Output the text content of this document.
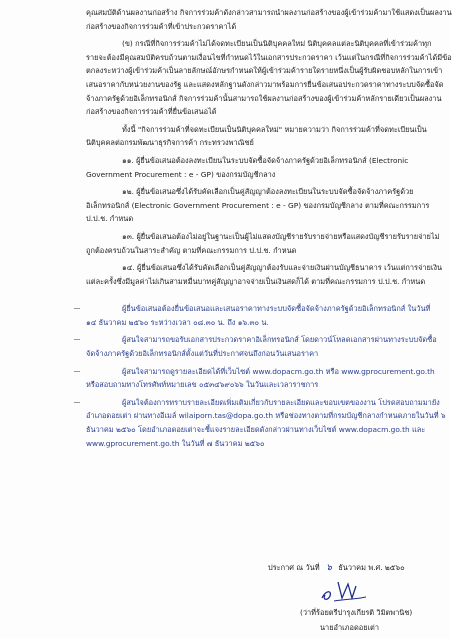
คุณสมบัติด้านผลงานก่อสร้าง กิจการร่วมค้าดังกล่าวสามารถนำผลงานก่อสร้างของผู้เข้าร่วมค้ามาใช้แสดงเป็นผลงาน
ก่อสร้างของกิจการร่วมค้าที่เข้าประกวดราคาได้

(ข) กรณีที่กิจการร่วมค้าไม่ได้จดทะเบียนเป็นนิติบุคคลใหม่ นิติบุคคลแต่ละนิติบุคคลที่เข้าร่วมค้าทุก
รายจะต้องมีคุณสมบัติครบถ้วนตามเงื่อนไขที่กำหนดไว้ในเอกสารประกวดราคา เว้นแต่ในกรณีที่กิจการร่วมค้าได้มีข้อ
ตกลงระหว่างผู้เข้าร่วมค้าเป็นลายลักษณ์อักษรกำหนดให้ผู้เข้าร่วมค้ารายใดรายหนึ่งเป็นผู้รับผิดชอบหลักในการเข้า
เสนอราคากับหน่วยงานของรัฐ และแสดงหลักฐานดังกล่าวมาพร้อมการยื่นข้อเสนอประกวดราคาทางระบบจัดซื้อจัด
จ้างภาครัฐด้วยอิเล็กทรอนิกส์ กิจการร่วมค้านั้นสามารถใช้ผลงานก่อสร้างของผู้เข้าร่วมค้าหลักรายเดียวเป็นผลงาน
ก่อสร้างของกิจการร่วมค้าที่ยื่นข้อเสนอได้

ทั้งนี้ "กิจการร่วมค้าที่จดทะเบียนเป็นนิติบุคคลใหม่" หมายความว่า กิจการร่วมค้าที่จดทะเบียนเป็น
นิติบุคคลต่อกรมพัฒนาธุรกิจการค้า กระทรวงพาณิชย์

๑๑. ผู้ยื่นข้อเสนอต้องลงทะเบียนในระบบจัดซื้อจัดจ้างภาครัฐด้วยอิเล็กทรอนิกส์ (Electronic
Government Procurement : e - GP) ของกรมบัญชีกลาง

๑๒. ผู้ยื่นข้อเสนอซึ่งได้รับคัดเลือกเป็นคู่สัญญาต้องลงทะเบียนในระบบจัดซื้อจัดจ้างภาครัฐด้วย
อิเล็กทรอนิกส์ (Electronic Government Procurement : e - GP) ของกรมบัญชีกลาง ตามที่คณะกรรมการ
ป.ป.ช. กำหนด

๑๓. ผู้ยื่นข้อเสนอต้องไม่อยู่ในฐานะเป็นผู้ไม่แสดงบัญชีรายรับรายจ่ายหรือแสดงบัญชีรายรับรายจ่ายไม่
ถูกต้องครบถ้วนในสาระสำคัญ ตามที่คณะกรรมการ ป.ป.ช. กำหนด

๑๔. ผู้ยื่นข้อเสนอซึ่งได้รับคัดเลือกเป็นคู่สัญญาต้องรับและจ่ายเงินผ่านบัญชีธนาคาร เว้นแต่การจ่ายเงิน
แต่ละครั้งซึ่งมีมูลค่าไม่เกินสามหมื่นบาทคู่สัญญาอาจจ่ายเป็นเงินสดก็ได้ ตามที่คณะกรรมการ ป.ป.ช. กำหนด

ผู้ยื่นข้อเสนอต้องยื่นข้อเสนอและเสนอราคาทางระบบจัดซื้อจัดจ้างภาครัฐด้วยอิเล็กทรอนิกส์ ในวันที่
๑๔ ธันวาคม ๒๕๖๐ ระหว่างเวลา ๐๘.๓๐ น. ถึง ๑๖.๓๐ น.

ผู้สนใจสามารถขอรับเอกสารประกวดราคาอิเล็กทรอนิกส์ โดยดาวน์โหลดเอกสารผ่านทางระบบจัดซื้อ
จัดจ้างภาครัฐด้วยอิเล็กทรอนิกส์ตั้งแต่วันที่ประกาศจนถึงก่อนวันเสนอราคา

ผู้สนใจสามารถดูรายละเอียดได้ที่เว็บไซต์ www.dopacm.go.th หรือ www.gprocurement.go.th
หรือสอบถามทางโทรศัพท์หมายเลข ๐๕๓๔๖๙๐๖๖ ในวันและเวลาราชการ

ผู้สนใจต้องการทราบรายละเอียดเพิ่มเติมเกี่ยวกับรายละเอียดและขอบเขตของงาน โปรดสอบถามมายัง
อำเภอดอยเต่า ผ่านทางอีเมล์ wilaiporn.tas@dopa.go.th หรือช่องทางตามที่กรมบัญชีกลางกำหนดภายในวันที่ ๖
ธันวาคม ๒๕๖๐ โดยอำเภอดอยเต่าจะชี้แจงรายละเอียดดังกล่าวผ่านทางเว็บไซต์ www.dopacm.go.th และ
www.gprocurement.go.th ในวันที่ ๗ ธันวาคม ๒๕๖๐

ประกาศ ณ วันที่ ๖ ธันวาคม พ.ศ. ๒๕๖๐
(ว่าที่ร้อยตรีปารุงเกียรติ วิมิตพานิช)
นายอำเภอดอยเต่า
